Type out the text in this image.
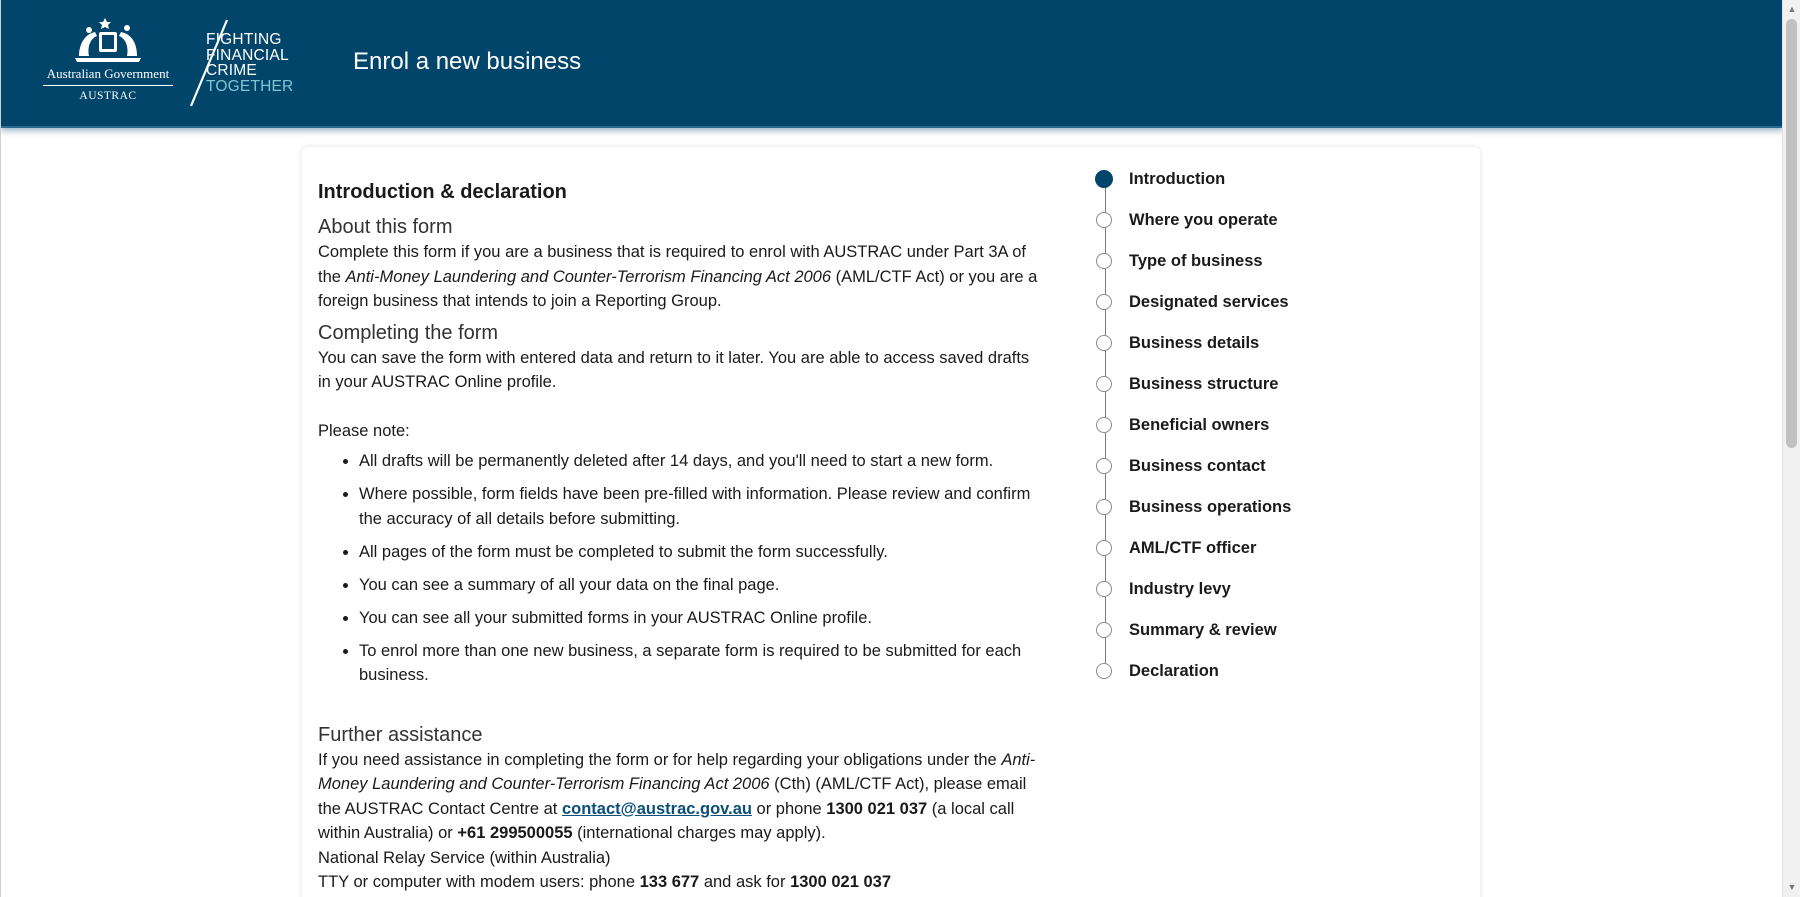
Australian Government
AUSTRAC
FIGHTING
FINANCIAL
CRIME
TOGETHER
Enrol a new business
Introduction & declaration
About this form

Complete this form if you are a business that is required to enrol with AUSTRAC under Part 3A of the Anti-Money Laundering and Counter-Terrorism Financing Act 2006 (AML/CTF Act) or you are a foreign business that intends to join a Reporting Group.

Completing the form

You can save the form with entered data and return to it later. You are able to access saved drafts in your AUSTRAC Online profile.

Please note:

• All drafts will be permanently deleted after 14 days, and you'll need to start a new form.
• Where possible, form fields have been pre-filled with information. Please review and confirm the accuracy of all details before submitting.
• All pages of the form must be completed to submit the form successfully.
• You can see a summary of all your data on the final page.
• You can see all your submitted forms in your AUSTRAC Online profile.
• To enrol more than one new business, a separate form is required to be submitted for each business.
Further assistance

If you need assistance in completing the form or for help regarding your obligations under the Anti-Money Laundering and Counter-Terrorism Financing Act 2006 (Cth) (AML/CTF Act), please email the AUSTRAC Contact Centre at contact@austrac.gov.au or phone 1300 021 037 (a local call within Australia) or +61 299500055 (international charges may apply).

National Relay Service (within Australia)

TTY or computer with modem users: phone 133 677 and ask for 1300 021 037

Introduction
Where you operate
Type of business
Designated services
Business details
Business structure
Beneficial owners
Business contact
Business operations
AML/CTF officer
Industry levy
Summary & review
Declaration
▲
▼
